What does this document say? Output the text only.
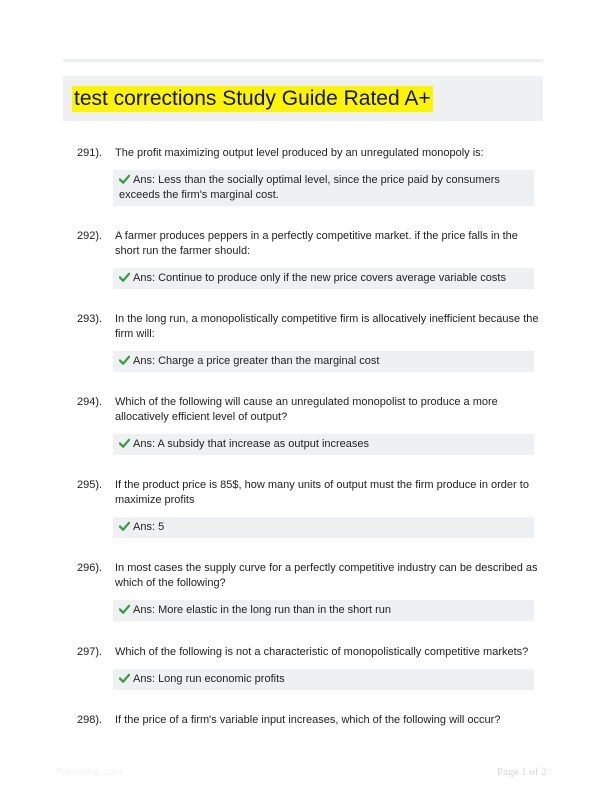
test corrections Study Guide Rated A+
291). The profit maximizing output level produced by an unregulated monopoly is:
Ans: Less than the socially optimal level, since the price paid by consumers exceeds the firm's marginal cost.
292). A farmer produces peppers in a perfectly competitive market. if the price falls in the short run the farmer should:
Ans: Continue to produce only if the new price covers average variable costs
293). In the long run, a monopolistically competitive firm is allocatively inefficient because the firm will:
Ans: Charge a price greater than the marginal cost
294). Which of the following will cause an unregulated monopolist to produce a more allocatively efficient level of output?
Ans: A subsidy that increase as output increases
295). If the product price is 85$, how many units of output must the firm produce in order to maximize profits
Ans: 5
296). In most cases the supply curve for a perfectly competitive industry can be described as which of the following?
Ans: More elastic in the long run than in the short run
297). Which of the following is not a characteristic of monopolistically competitive markets?
Ans: Long run economic profits
298). If the price of a firm's variable input increases, which of the following will occur?
Paperlibie.com	Page 1 of 2
